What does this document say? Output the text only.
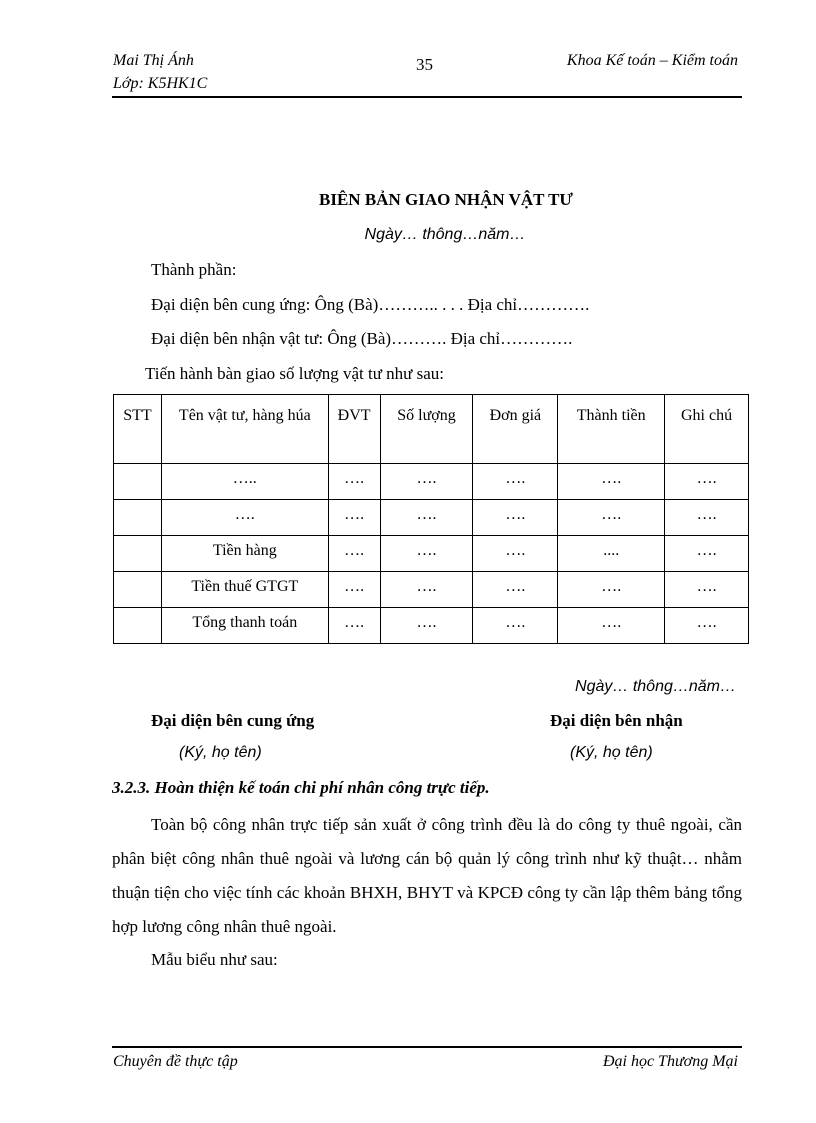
Mai Thị Ánh
Lớp: K5HK1C
35	Khoa Kế toán – Kiểm toán
BIÊN BẢN GIAO NHẬN VẬT TƯ
Ngày… thông…năm…
Thành phần:
Đại diện bên cung ứng: Ông (Bà)……….. . . . Địa chỉ………….
Đại diện bên nhận vật tư: Ông (Bà)………. Địa chỉ………….
Tiến hành bàn giao số lượng vật tư như sau:
STT	Tên vật tư, hàng húa	ĐVT	Số lượng	Đơn giá	Thành tiền	Ghi chú
	…..	….	….	….	….	….
	….	….	….	….	….	….
	Tiền hàng	….	….	….	....	….
	Tiền thuế GTGT	….	….	….	….	….
	Tổng thanh toán	….	….	….	….	….
Ngày… thông…năm…
Đại diện bên cung ứng
(Ký, họ tên)
Đại diện bên nhận
(Ký, họ tên)
3.2.3. Hoàn thiện kế toán chi phí nhân công trực tiếp.
Toàn bộ công nhân trực tiếp sản xuất ở công trình đều là do công ty thuê ngoài, cần phân biệt công nhân thuê ngoài và lương cán bộ quản lý công trình như kỹ thuật… nhằm thuận tiện cho việc tính các khoản BHXH, BHYT và KPCĐ công ty cần lập thêm bảng tổng hợp lương công nhân thuê ngoài.
Mẫu biểu như sau:
Chuyên đề thực tập	Đại học Thương Mại
